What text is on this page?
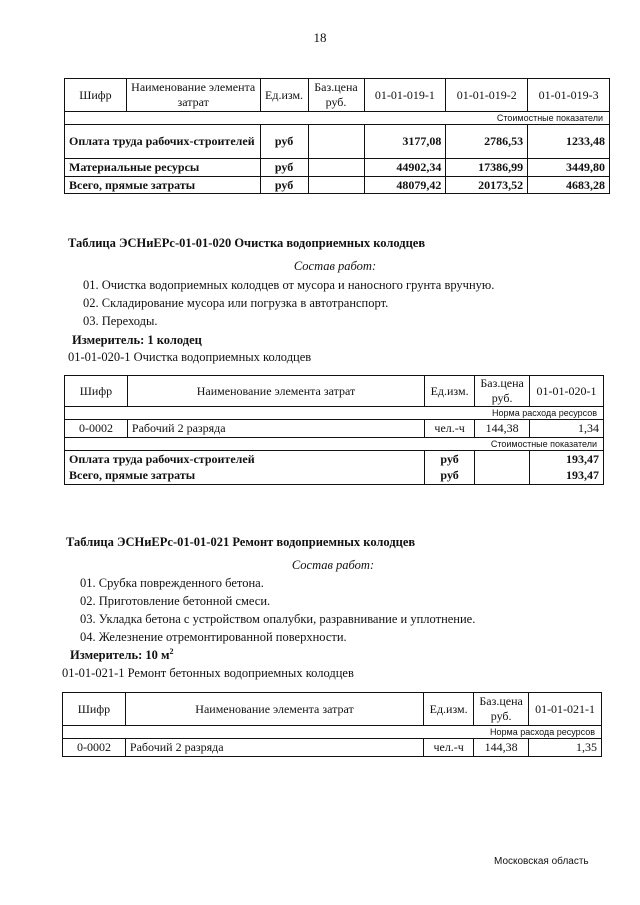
18
Шифр	Наименование элемента затрат	Ед.изм.	Баз.цена руб.	01-01-019-1	01-01-019-2	01-01-019-3
Стоимостные показатели						
Оплата труда рабочих-строителей		руб		3177,08	2786,53	1233,48
Материальные ресурсы		руб		44902,34	17386,99	3449,80
Всего, прямые затраты		руб		48079,42	20173,52	4683,28
Таблица ЭСНиЕРс-01-01-020 Очистка водоприемных колодцев
Состав работ:
01. Очистка водоприемных колодцев от мусора и наносного грунта вручную.
02. Складирование мусора или погрузка в автотранспорт.
03. Переходы.
Измеритель: 1 колодец
01-01-020-1 Очистка водоприемных колодцев
Шифр	Наименование элемента затрат	Ед.изм.	Баз.цена руб.	01-01-020-1
Норма расхода ресурсов				
0-0002	Рабочий 2 разряда	чел.-ч	144,38	1,34
Стоимостные показатели				
Оплата труда рабочих-строителей		руб		193,47
Всего, прямые затраты		руб		193,47
Таблица ЭСНиЕРс-01-01-021 Ремонт водоприемных колодцев
Состав работ:
01. Срубка поврежденного бетона.
02. Приготовление бетонной смеси.
03. Укладка бетона с устройством опалубки, разравнивание и уплотнение.
04. Железнение отремонтированной поверхности.
Измеритель: 10 $м^2$
01-01-021-1 Ремонт бетонных водоприемных колодцев
Шифр	Наименование элемента затрат	Ед.изм.	Баз.цена руб.	01-01-021-1
Норма расхода ресурсов				
0-0002	Рабочий 2 разряда	чел.-ч	144,38	1,35
Московская область
